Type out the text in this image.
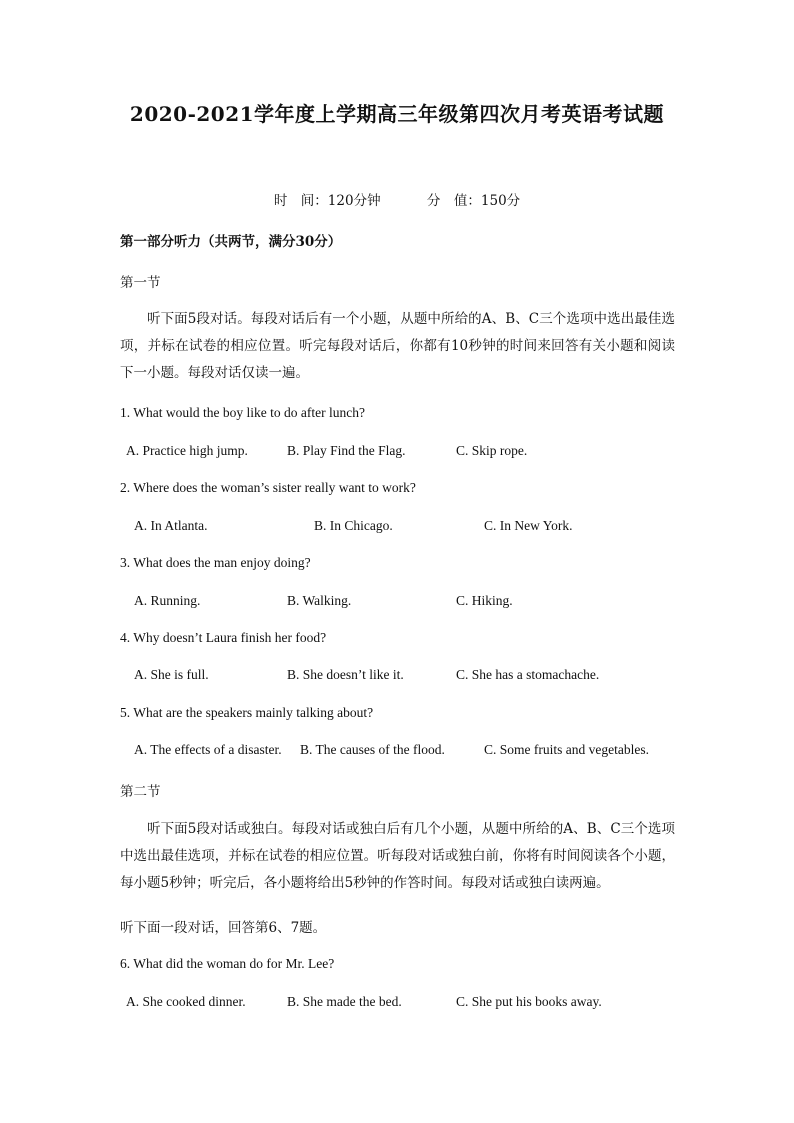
2020-2021学年度上学期高三年级第四次月考英语考试题
时　间：120分钟	分　值：150分
第一部分听力（共两节，满分30分）
第一节
听下面5段对话。每段对话后有一个小题，从题中所给的A、B、C三个选项中选出最佳选项，并标在试卷的相应位置。听完每段对话后，你都有10秒钟的时间来回答有关小题和阅读下一小题。每段对话仅读一遍。
1. What would the boy like to do after lunch?
A. Practice high jump.	B. Play Find the Flag.	C. Skip rope.
2. Where does the woman’s sister really want to work?
A. In Atlanta.	B. In Chicago.	C. In New York.
3. What does the man enjoy doing?
A. Running.	B. Walking.	C. Hiking.
4. Why doesn’t Laura finish her food?
A. She is full.	B. She doesn’t like it.	C. She has a stomachache.
5. What are the speakers mainly talking about?
A. The effects of a disaster. B. The causes of the flood.	C. Some fruits and vegetables.
第二节
听下面5段对话或独白。每段对话或独白后有几个小题，从题中所给的A、B、C三个选项中选出最佳选项，并标在试卷的相应位置。听每段对话或独白前，你将有时间阅读各个小题，每小题5秒钟；听完后，各小题将给出5秒钟的作答时间。每段对话或独白读两遍。
听下面一段对话，回答第6、7题。
6. What did the woman do for Mr. Lee?
A. She cooked dinner.	B. She made the bed.	C. She put his books away.
